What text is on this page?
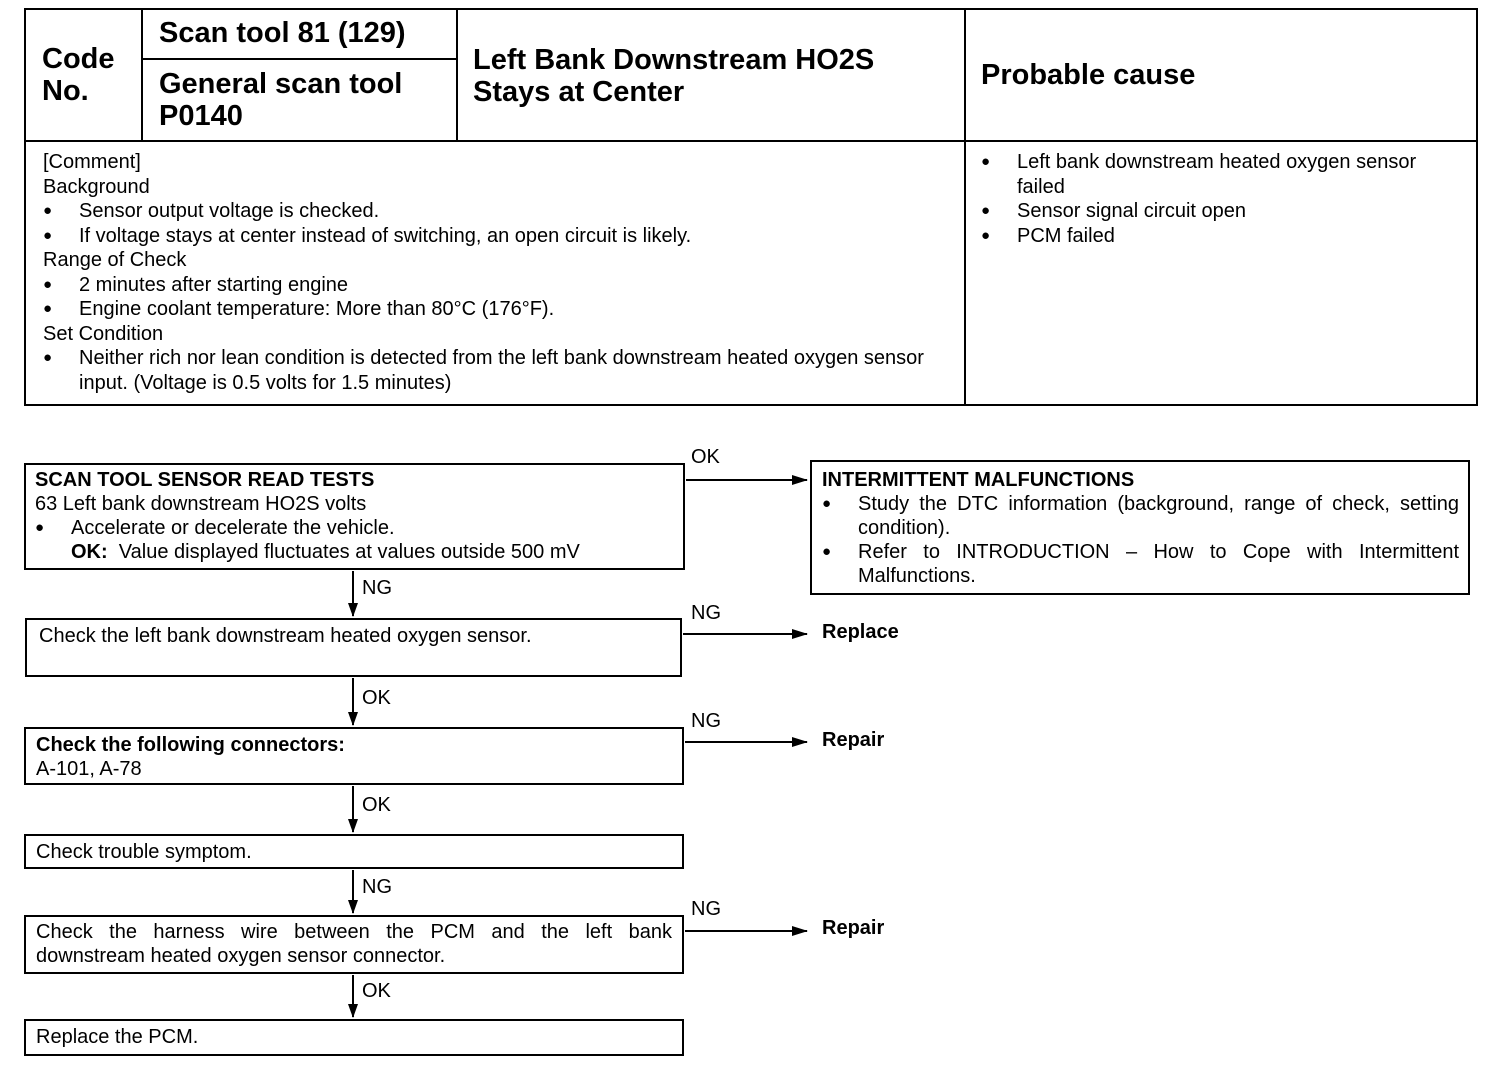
Code
No.
Scan tool 81 (129)
General scan tool
P0140
Left Bank Downstream HO2S
Stays at Center
Probable cause
[Comment]
Background
● Sensor output voltage is checked.
● If voltage stays at center instead of switching, an open circuit is likely.
Range of Check
● 2 minutes after starting engine
● Engine coolant temperature: More than 80°C (176°F).
Set Condition
● Neither rich nor lean condition is detected from the left bank downstream heated oxygen sensor input. (Voltage is 0.5 volts for 1.5 minutes)
● Left bank downstream heated oxygen sensor failed
● Sensor signal circuit open
● PCM failed
SCAN TOOL SENSOR READ TESTS
63 Left bank downstream HO2S volts
● Accelerate or decelerate the vehicle.
OK: Value displayed fluctuates at values outside 500 mV
INTERMITTENT MALFUNCTIONS
● Study the DTC information (background, range of check, setting condition).
● Refer to INTRODUCTION – How to Cope with Intermittent Malfunctions.
Check the left bank downstream heated oxygen sensor.
Check the following connectors:
A-101, A-78
Check trouble symptom.
Check the harness wire between the PCM and the left bank downstream heated oxygen sensor connector.
Replace the PCM.
Replace
Repair
Repair
OK
NG
NG
OK
NG
OK
NG
NG
OK
